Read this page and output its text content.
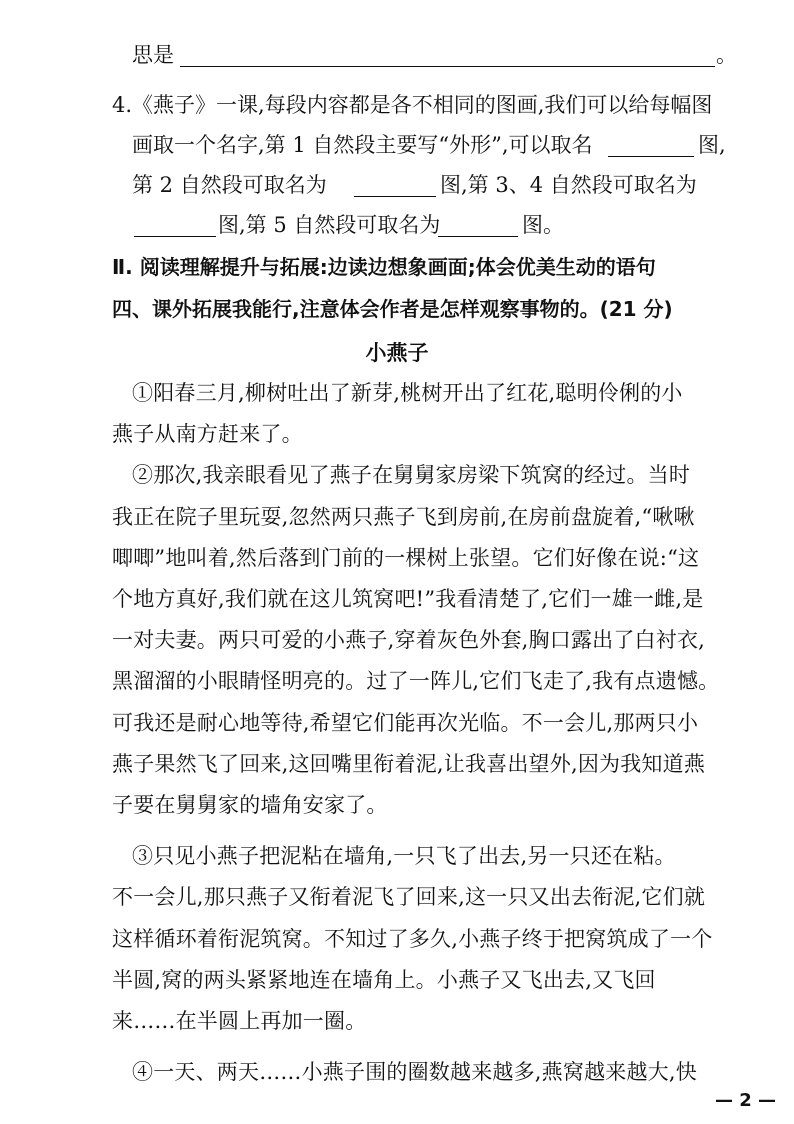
思是	。
4.《燕子》一课,每段内容都是各不相同的图画,我们可以给每幅图
画取一个名字,第 1 自然段主要写“外形”,可以取名	图,
第 2 自然段可取名为	图,第 3、4 自然段可取名为
图,第 5 自然段可取名为	图。
Ⅱ. 阅读理解提升与拓展:边读边想象画面;体会优美生动的语句
四、课外拓展我能行,注意体会作者是怎样观察事物的。(21 分)
小燕子
①阳春三月,柳树吐出了新芽,桃树开出了红花,聪明伶俐的小
燕子从南方赶来了。
②那次,我亲眼看见了燕子在舅舅家房梁下筑窝的经过。当时
我正在院子里玩耍,忽然两只燕子飞到房前,在房前盘旋着,“啾啾
唧唧”地叫着,然后落到门前的一棵树上张望。它们好像在说:“这
个地方真好,我们就在这儿筑窝吧!”我看清楚了,它们一雄一雌,是
一对夫妻。两只可爱的小燕子,穿着灰色外套,胸口露出了白衬衣,
黑溜溜的小眼睛怪明亮的。过了一阵儿,它们飞走了,我有点遗憾。
可我还是耐心地等待,希望它们能再次光临。不一会儿,那两只小
燕子果然飞了回来,这回嘴里衔着泥,让我喜出望外,因为我知道燕
子要在舅舅家的墙角安家了。
③只见小燕子把泥粘在墙角,一只飞了出去,另一只还在粘。
不一会儿,那只燕子又衔着泥飞了回来,这一只又出去衔泥,它们就
这样循环着衔泥筑窝。不知过了多久,小燕子终于把窝筑成了一个
半圆,窝的两头紧紧地连在墙角上。小燕子又飞出去,又飞回
来……在半圆上再加一圈。
④一天、两天……小燕子围的圈数越来越多,燕窝越来越大,快
— 2 —
